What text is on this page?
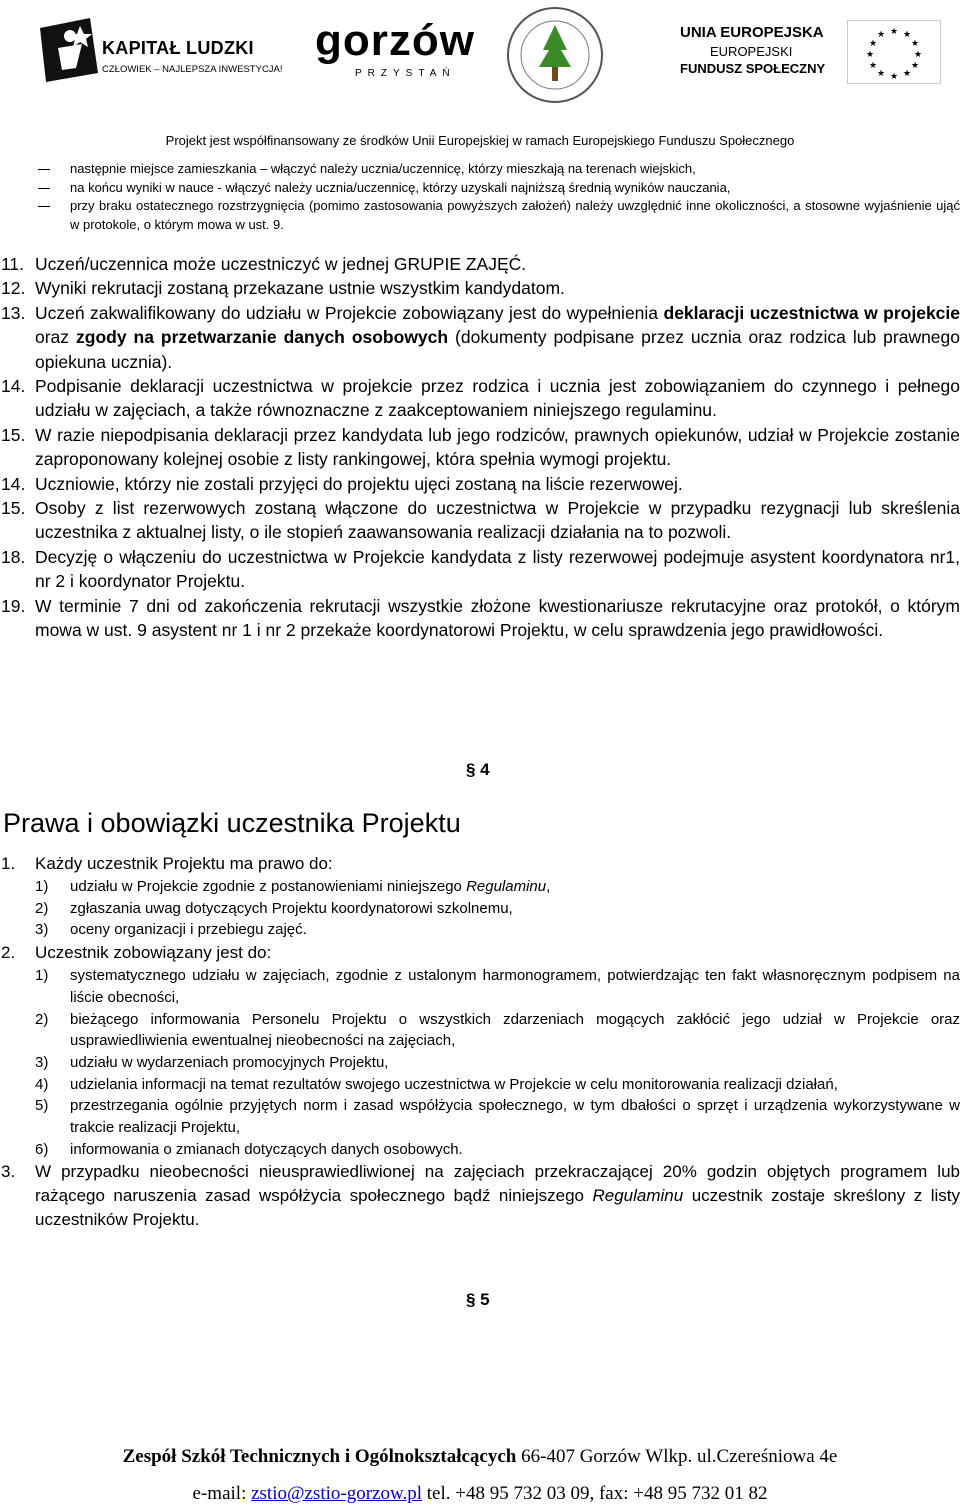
KAPITAŁ LUDZKI
CZŁOWIEK – NAJLEPSZA INWESTYCJA!
gorzów
PRZYSTAŃ
UNIA EUROPEJSKA
EUROPEJSKI
FUNDUSZ SPOŁECZNY
★ ★
★
★
★
★
★
★
★
★
★
★
Projekt jest współfinansowany ze środków Unii Europejskiej w ramach Europejskiego Funduszu Społecznego
następnie miejsce zamieszkania – włączyć należy ucznia/uczennicę, którzy mieszkają na terenach wiejskich,
na końcu wyniki w nauce - włączyć należy ucznia/uczennicę, którzy uzyskali najniższą średnią wyników nauczania,
przy braku ostatecznego rozstrzygnięcia (pomimo zastosowania powyższych założeń) należy uwzględnić inne okoliczności, a stosowne wyjaśnienie ująć w protokole, o którym mowa w ust. 9.
11. Uczeń/uczennica może uczestniczyć w jednej GRUPIE ZAJĘĆ.
12. Wyniki rekrutacji zostaną przekazane ustnie wszystkim kandydatom.
13. Uczeń zakwalifikowany do udziału w Projekcie zobowiązany jest do wypełnienia deklaracji uczestnictwa w projekcie oraz zgody na przetwarzanie danych osobowych (dokumenty podpisane przez ucznia oraz rodzica lub prawnego opiekuna ucznia).
14. Podpisanie deklaracji uczestnictwa w projekcie przez rodzica i ucznia jest zobowiązaniem do czynnego i pełnego udziału w zajęciach, a także równoznaczne z zaakceptowaniem niniejszego regulaminu.
15. W razie niepodpisania deklaracji przez kandydata lub jego rodziców, prawnych opiekunów, udział w Projekcie zostanie zaproponowany kolejnej osobie z listy rankingowej, która spełnia wymogi projektu.
14. Uczniowie, którzy nie zostali przyjęci do projektu ujęci zostaną na liście rezerwowej.
15. Osoby z list rezerwowych zostaną włączone do uczestnictwa w Projekcie w przypadku rezygnacji lub skreślenia uczestnika z aktualnej listy, o ile stopień zaawansowania realizacji działania na to pozwoli.
18. Decyzję o włączeniu do uczestnictwa w Projekcie kandydata z listy rezerwowej podejmuje asystent koordynatora nr1, nr 2 i koordynator Projektu.
19. W terminie 7 dni od zakończenia rekrutacji wszystkie złożone kwestionariusze rekrutacyjne oraz protokół, o którym mowa w ust. 9 asystent nr 1 i nr 2 przekaże koordynatorowi Projektu, w celu sprawdzenia jego prawidłowości.
§ 4
Prawa i obowiązki uczestnika Projektu
1. Każdy uczestnik Projektu ma prawo do:
1) udziału w Projekcie zgodnie z postanowieniami niniejszego Regulaminu,
2) zgłaszania uwag dotyczących Projektu koordynatorowi szkolnemu,
3) oceny organizacji i przebiegu zajęć.
2. Uczestnik zobowiązany jest do:
1) systematycznego udziału w zajęciach, zgodnie z ustalonym harmonogramem, potwierdzając ten fakt własnoręcznym podpisem na liście obecności,
2) bieżącego informowania Personelu Projektu o wszystkich zdarzeniach mogących zakłócić jego udział w Projekcie oraz usprawiedliwienia ewentualnej nieobecności na zajęciach,
3) udziału w wydarzeniach promocyjnych Projektu,
4) udzielania informacji na temat rezultatów swojego uczestnictwa w Projekcie w celu monitorowania realizacji działań,
5) przestrzegania ogólnie przyjętych norm i zasad współżycia społecznego, w tym dbałości o sprzęt i urządzenia wykorzystywane w trakcie realizacji Projektu,
6) informowania o zmianach dotyczących danych osobowych.
3. W przypadku nieobecności nieusprawiedliwionej na zajęciach przekraczającej 20% godzin objętych programem lub rażącego naruszenia zasad współżycia społecznego bądź niniejszego Regulaminu uczestnik zostaje skreślony z listy uczestników Projektu.
§ 5
Zespół Szkół Technicznych i Ogólnokształcących 66-407 Gorzów Wlkp. ul.Czereśniowa 4e
e-mail: zstio@zstio-gorzow.pl tel. +48 95 732 03 09, fax: +48 95 732 01 82
